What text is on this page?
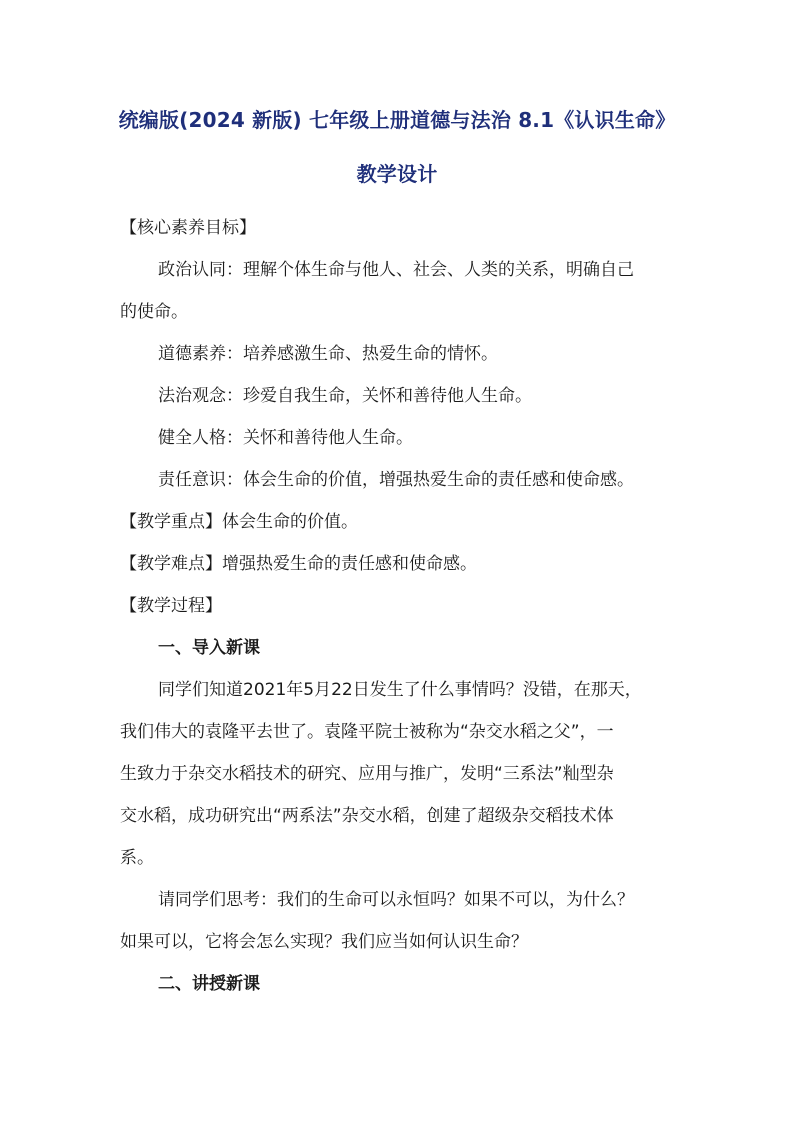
统编版(2024 新版) 七年级上册道德与法治 8.1《认识生命》
教学设计
【核心素养目标】
政治认同：理解个体生命与他人、社会、人类的关系，明确自己
的使命。
道德素养：培养感激生命、热爱生命的情怀。
法治观念：珍爱自我生命，关怀和善待他人生命。
健全人格：关怀和善待他人生命。
责任意识：体会生命的价值，增强热爱生命的责任感和使命感。
【教学重点】体会生命的价值。
【教学难点】增强热爱生命的责任感和使命感。
【教学过程】
一、导入新课
同学们知道2021年5月22日发生了什么事情吗？没错，在那天，
我们伟大的袁隆平去世了。袁隆平院士被称为“杂交水稻之父”，一
生致力于杂交水稻技术的研究、应用与推广，发明“三系法”籼型杂
交水稻，成功研究出“两系法”杂交水稻，创建了超级杂交稻技术体
系。
请同学们思考：我们的生命可以永恒吗？如果不可以，为什么？
如果可以，它将会怎么实现？我们应当如何认识生命？
二、讲授新课
